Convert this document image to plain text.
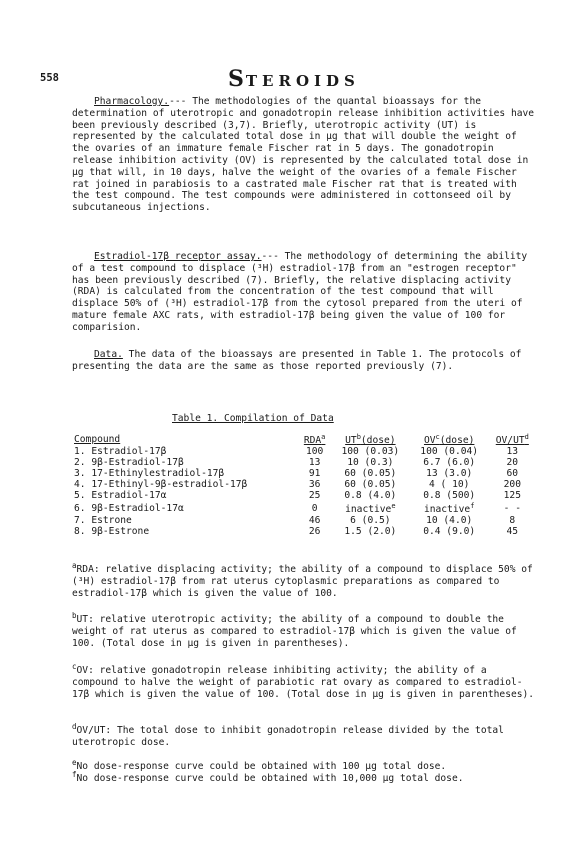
558	STEROIDS
Pharmacology.--- The methodologies of the quantal bioassays for the determination of uterotropic and gonadotropin release inhibition activities have been previously described (3,7). Briefly, uterotropic activity (UT) is represented by the calculated total dose in μg that will double the weight of the ovaries of an immature female Fischer rat in 5 days. The gonadotropin release inhibition activity (OV) is represented by the calculated total dose in μg that will, in 10 days, halve the weight of the ovaries of a female Fischer rat joined in parabiosis to a castrated male Fischer rat that is treated with the test compound. The test compounds were administered in cottonseed oil by subcutaneous injections.
Estradiol-17β receptor assay.--- The methodology of determining the ability of a test compound to displace (³H) estradiol-17β from an "estrogen receptor" has been previously described (7). Briefly, the relative displacing activity (RDA) is calculated from the concentration of the test compound that will displace 50% of (³H) estradiol-17β from the cytosol prepared from the uteri of mature female AXC rats, with estradiol-17β being given the value of 100 for comparision.
Data. The data of the bioassays are presented in Table 1. The protocols of presenting the data are the same as those reported previously (7).
Table 1. Compilation of Data
Compound	RDA$^a$	$UT^b(dose)$	$OV^c(dose)$	$OV/UT^d$
1. Estradiol-17β	100	100 (0.03)	100 (0.04)	13
2. 9β-Estradiol-17β	13	10 (0.3)	6.7 (6.0)	20
3. 17-Ethinylestradiol-17β	91	60 (0.05)	13 (3.0)	60
4. 17-Ethinyl-9β-estradiol-17β	36	60 (0.05)	4 ( 10)	200
5. Estradiol-17α	25	0.8 (4.0)	0.8 (500)	125
6. 9β-Estradiol-17α	0	inactive$^e$	inactive$^f$	- -
7. Estrone	46	6 (0.5)	10 (4.0)	8
8. 9β-Estrone	26	1.5 (2.0)	0.4 (9.0)	45
$^a$RDA: relative displacing activity; the ability of a compound to displace 50% of (³H) estradiol-17β from rat uterus cytoplasmic preparations as compared to estradiol-17β which is given the value of 100.
$^b$UT: relative uterotropic activity; the ability of a compound to double the weight of rat uterus as compared to estradiol-17β which is given the value of 100. (Total dose in μg is given in parentheses).
$^c$OV: relative gonadotropin release inhibiting activity; the ability of a compound to halve the weight of parabiotic rat ovary as compared to estradiol-17β which is given the value of 100. (Total dose in μg is given in parentheses).
$^d$OV/UT: The total dose to inhibit gonadotropin release divided by the total uterotropic dose.
$^e$No dose-response curve could be obtained with 100 μg total dose.
$^f$No dose-response curve could be obtained with 10,000 μg total dose.
